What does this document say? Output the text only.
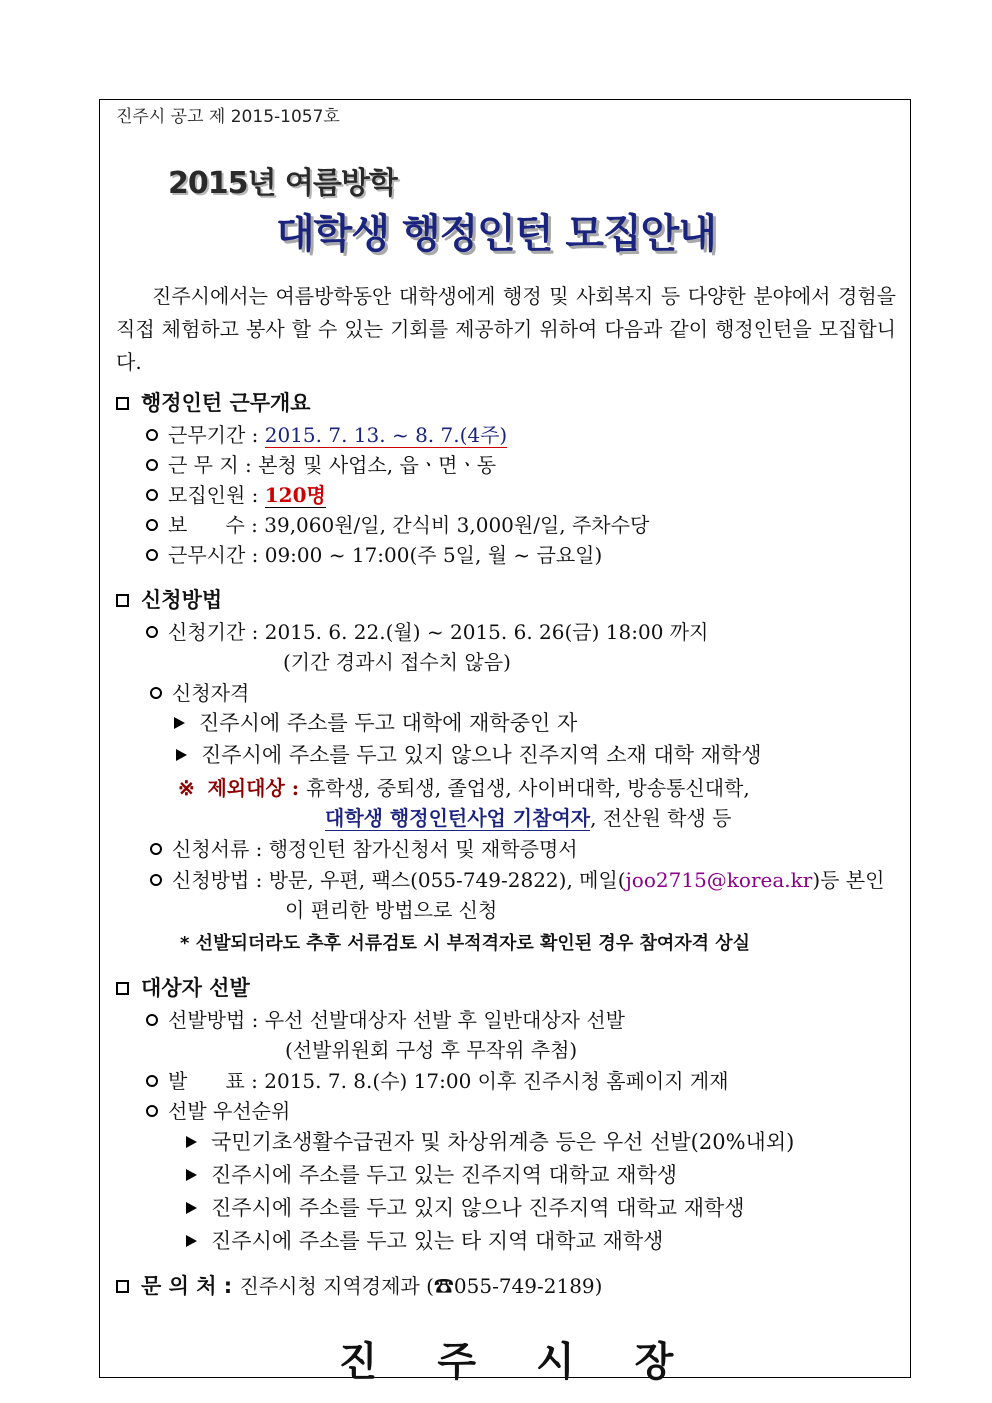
진주시 공고 제 2015-1057호
2015년 여름방학
대학생 행정인턴 모집안내
진주시에서는 여름방학동안 대학생에게 행정 및 사회복지 등 다양한 분야에서 경험을 직접 체험하고 봉사 할 수 있는 기회를 제공하기 위하여 다음과 같이 행정인턴을 모집합니다.
행정인턴 근무개요
근무기간 : 2015. 7. 13. ~ 8. 7.(4주)
근 무 지 : 본청 및 사업소, 읍ㆍ면ㆍ동
모집인원 : 120명
보      수 : 39,060원/일, 간식비 3,000원/일, 주차수당
근무시간 : 09:00 ~ 17:00(주 5일, 월 ~ 금요일)
신청방법
신청기간 : 2015. 6. 22.(월) ~ 2015. 6. 26(금) 18:00 까지
(기간 경과시 접수치 않음)
신청자격
진주시에 주소를 두고 대학에 재학중인 자
진주시에 주소를 두고 있지 않으나 진주지역 소재 대학 재학생
※ 제외대상 : 휴학생, 중퇴생, 졸업생, 사이버대학, 방송통신대학,
대학생 행정인턴사업 기참여자, 전산원 학생 등
신청서류 : 행정인턴 참가신청서 및 재학증명서
신청방법 : 방문, 우편, 팩스(055-749-2822), 메일(joo2715@korea.kr)등 본인
이 편리한 방법으로 신청
* 선발되더라도 추후 서류검토 시 부적격자로 확인된 경우 참여자격 상실
대상자 선발
선발방법 : 우선 선발대상자 선발 후 일반대상자 선발
(선발위원회 구성 후 무작위 추첨)
발      표 : 2015. 7. 8.(수) 17:00 이후 진주시청 홈페이지 게재
선발 우선순위
국민기초생활수급권자 및 차상위계층 등은 우선 선발(20%내외)
진주시에 주소를 두고 있는 진주지역 대학교 재학생
진주시에 주소를 두고 있지 않으나 진주지역 대학교 재학생
진주시에 주소를 두고 있는 타 지역 대학교 재학생
문 의 처 : 진주시청 지역경제과 (☎055-749-2189)
진주시장
